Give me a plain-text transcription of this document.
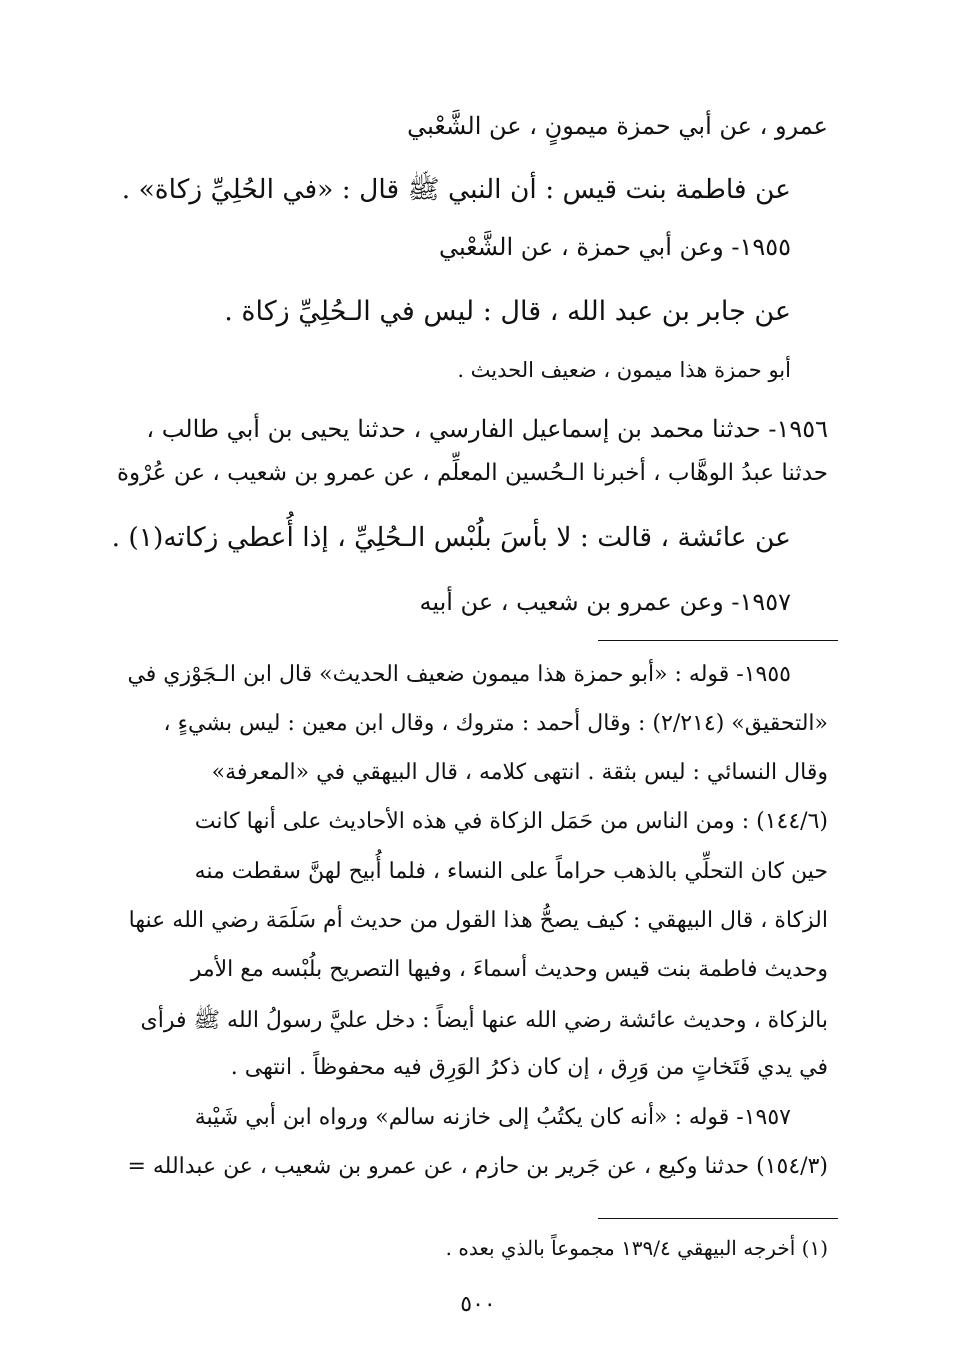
عمرو ، عن أبي حمزة ميمونٍ ، عن الشَّعْبي
عن فاطمة بنت قيس : أن النبي ﷺ قال : «في الحُلِيِّ زكاة» .
١٩٥٥- وعن أبي حمزة ، عن الشَّعْبي
عن جابر بن عبد الله ، قال : ليس في الـحُلِيِّ زكاة .
أبو حمزة هذا ميمون ، ضعيف الحديث .
١٩٥٦- حدثنا محمد بن إسماعيل الفارسي ، حدثنا يحيى بن أبي طالب ،
حدثنا عبدُ الوهَّاب ، أخبرنا الـحُسين المعلِّم ، عن عمرو بن شعيب ، عن عُرْوة
عن عائشة ، قالت : لا بأسَ بلُبْس الـحُلِيِّ ، إذا أُعطي زكاته(١) .
١٩٥٧- وعن عمرو بن شعيب ، عن أبيه
١٩٥٥- قوله : «أبو حمزة هذا ميمون ضعيف الحديث» قال ابن الـجَوْزي في
«التحقيق» (٢/٢١٤) : وقال أحمد : متروك ، وقال ابن معين : ليس بشيءٍ ،
وقال النسائي : ليس بثقة . انتهى كلامه ، قال البيهقي في «المعرفة»
(١٤٤/٦) : ومن الناس من حَمَل الزكاة في هذه الأحاديث على أنها كانت
حين كان التحلِّي بالذهب حراماً على النساء ، فلما أُبيح لهنَّ سقطت منه
الزكاة ، قال البيهقي : كيف يصحُّ هذا القول من حديث أم سَلَمَة رضي الله عنها
وحديث فاطمة بنت قيس وحديث أسماءَ ، وفيها التصريح بلُبْسه مع الأمر
بالزكاة ، وحديث عائشة رضي الله عنها أيضاً : دخل عليَّ رسولُ الله ﷺ فرأى
في يدي فَتَخاتٍ من وَرِق ، إن كان ذكرُ الوَرِق فيه محفوظاً . انتهى .
١٩٥٧- قوله : «أنه كان يكتُبُ إلى خازنه سالم» ورواه ابن أبي شَيْبة
(١٥٤/٣) حدثنا وكيع ، عن جَرير بن حازم ، عن عمرو بن شعيب ، عن عبدالله =
(١) أخرجه البيهقي ١٣٩/٤ مجموعاً بالذي بعده .
٥٠٠
